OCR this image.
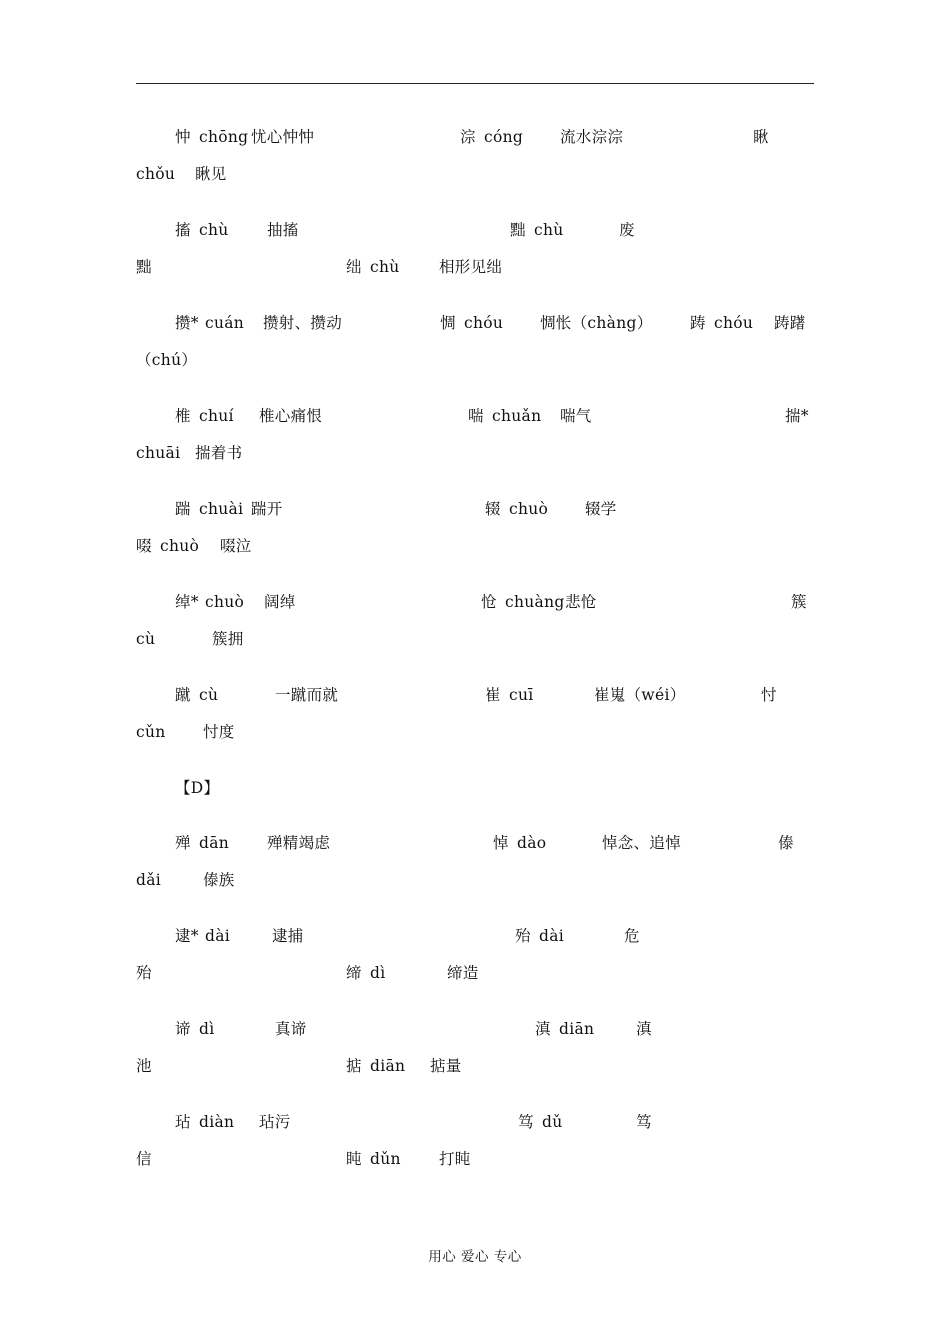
忡 chōng 忧心忡忡	淙 cóng 流水淙淙	瞅
chǒu 瞅见
搐 chù 抽搐	黜 chù	废
黜	绌 chù	相形见绌
攒* cuán 攒射、攒动	惆 chóu 惆怅（chàng） 踌 chóu 踌躇
（chú）
椎 chuí 椎心痛恨	喘 chuǎn 喘气	揣*
chuāi 揣着书
踹 chuài 踹开	辍 chuò 辍学
啜 chuò 啜泣
绰* chuò 阔绰	怆 chuàng 悲怆	簇
cù	簇拥
蹴 cù	一蹴而就	崔 cuī	崔嵬（wéi）	忖
cǔn 忖度
【D】
殚 dān 殚精竭虑	悼 dào	悼念、追悼	傣
dǎi	傣族
逮* dài	逮捕	殆 dài	危
殆	缔 dì	缔造
谛 dì	真谛	滇 diān	滇
池	掂 diān 掂量
玷 diàn 玷污	笃 dǔ	笃
信	盹 dǔn 打盹
用心 爱心 专心
